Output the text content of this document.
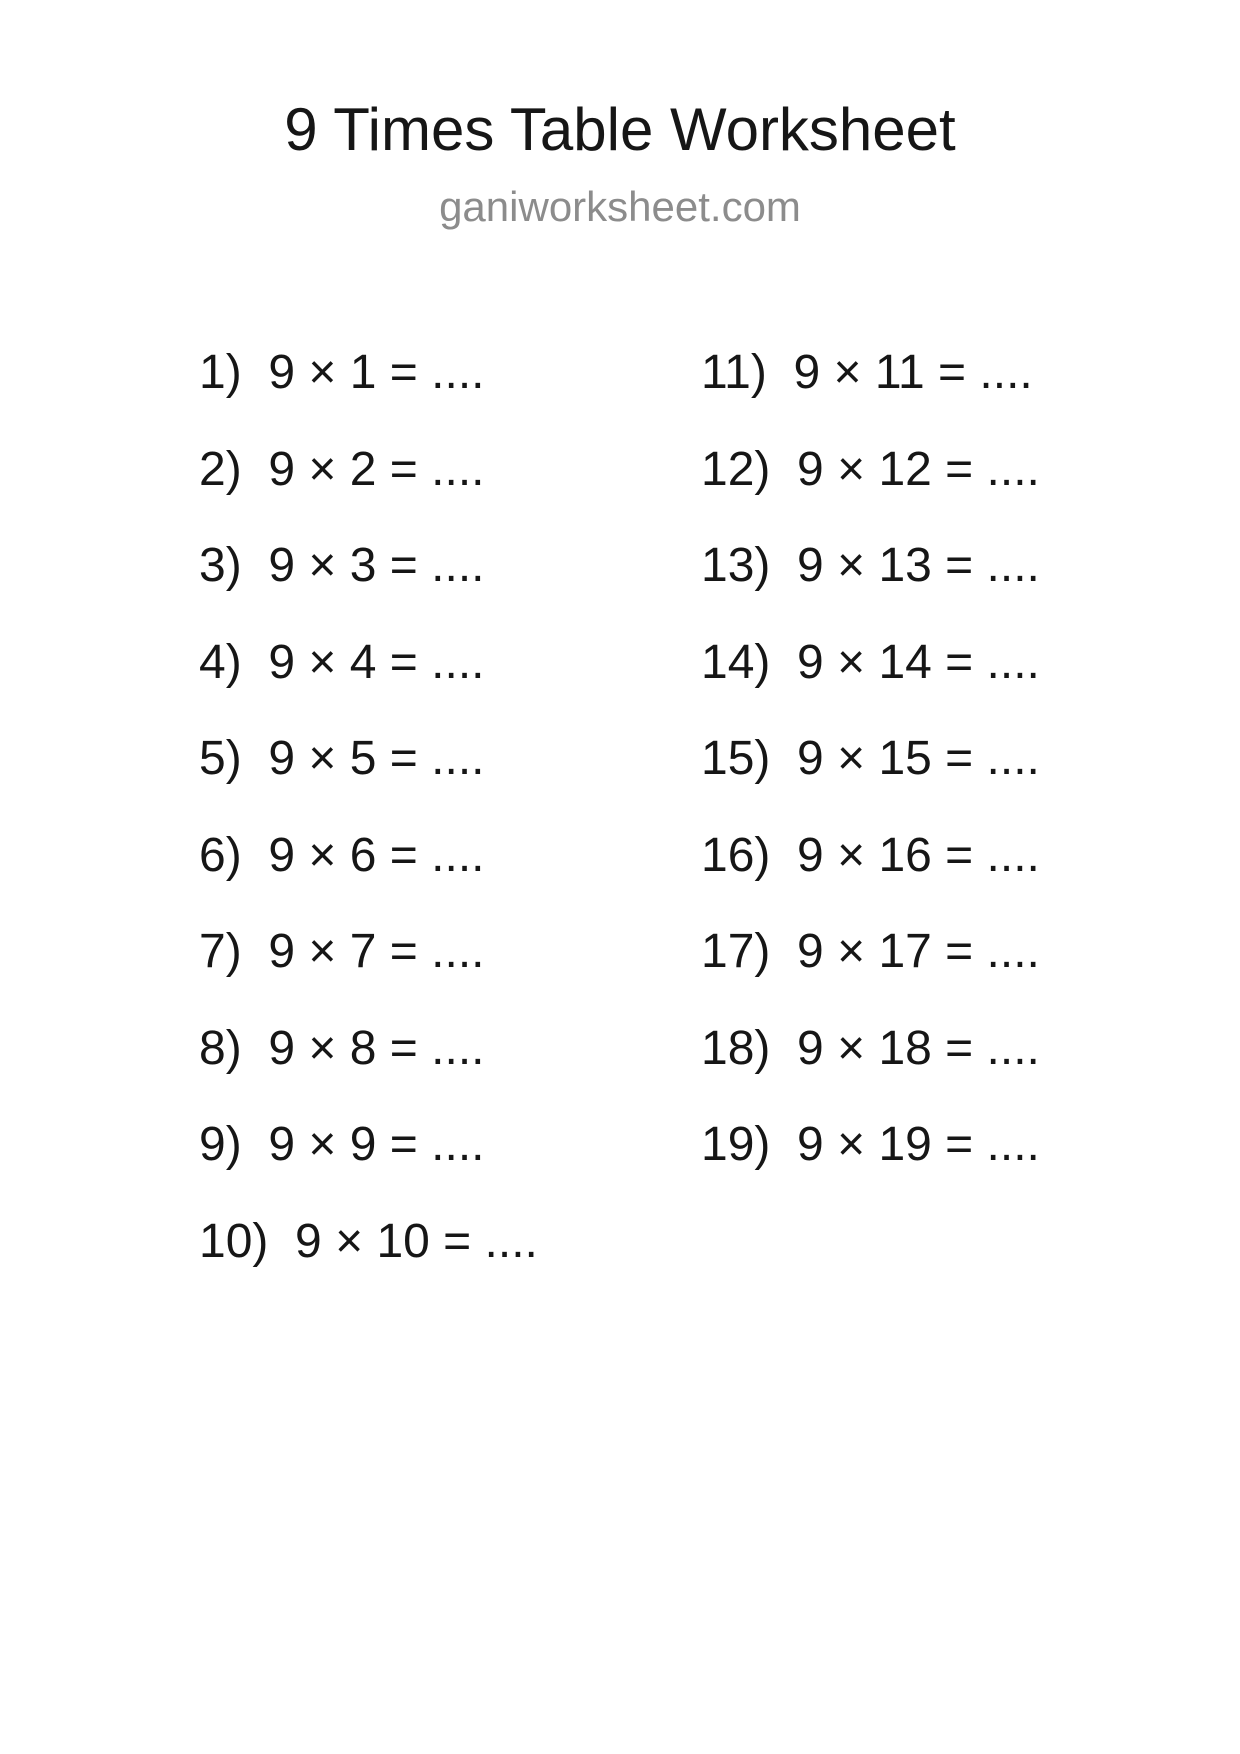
9 Times Table Worksheet
ganiworksheet.com
1)  9 × 1 = ....
2)  9 × 2 = ....
3)  9 × 3 = ....
4)  9 × 4 = ....
5)  9 × 5 = ....
6)  9 × 6 = ....
7)  9 × 7 = ....
8)  9 × 8 = ....
9)  9 × 9 = ....
10)  9 × 10 = ....
11)  9 × 11 = ....
12)  9 × 12 = ....
13)  9 × 13 = ....
14)  9 × 14 = ....
15)  9 × 15 = ....
16)  9 × 16 = ....
17)  9 × 17 = ....
18)  9 × 18 = ....
19)  9 × 19 = ....
